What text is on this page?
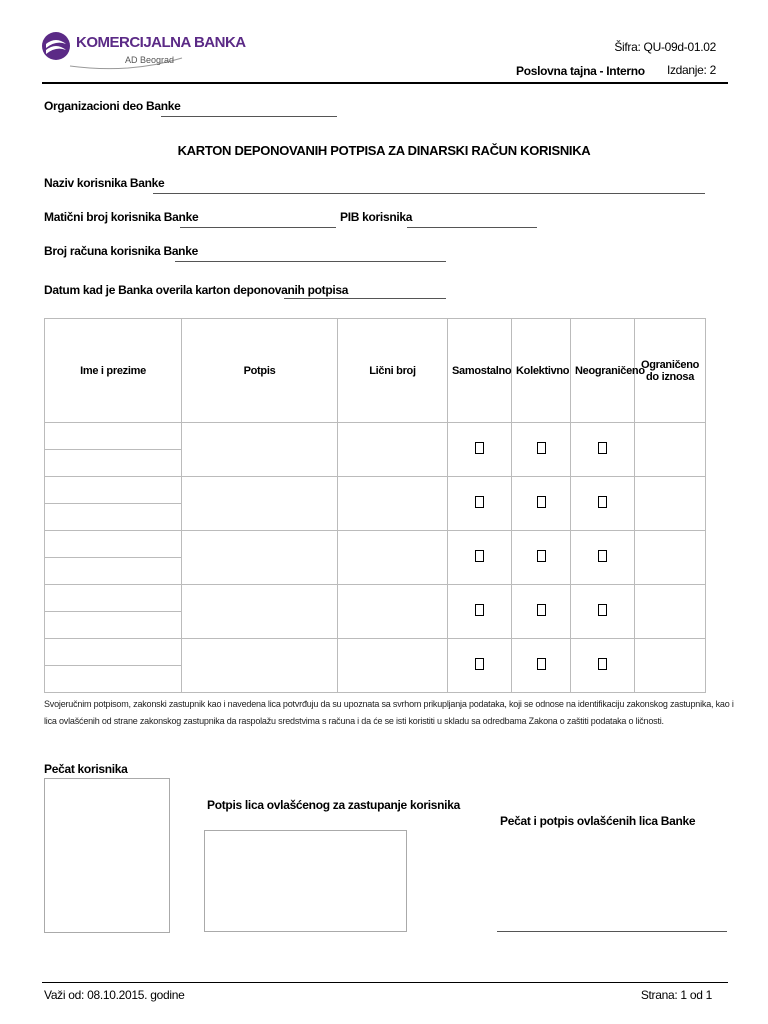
KOMERCIJALNA BANKA
AD Beograd
Šifra: QU-09d-01.02
Poslovna tajna - Interno Izdanje: 2
Organizacioni deo Banke
KARTON DEPONOVANIH POTPISA ZA DINARSKI RAČUN KORISNIKA
Naziv korisnika Banke
Matični broj korisnika Banke	PIB korisnika
Broj računa korisnika Banke
Datum kad je Banka overila karton deponovanih potpisa
Ime i prezime	Potpis	Lični broj	Samostalno	Kolektivno	Neograničeno	Ograničeno do iznosa

Svojeručnim potpisom, zakonski zastupnik kao i navedena lica potvrđuju da su upoznata sa svrhom prikupljanja podataka, koji se odnose na identifikaciju zakonskog zastupnika, kao i lica ovlašćenih od strane zakonskog zastupnika da raspolažu sredstvima s računa i da će se isti koristiti u skladu sa odredbama Zakona o zaštiti podataka o ličnosti.
Pečat korisnika
Potpis lica ovlašćenog za zastupanje korisnika
Pečat i potpis ovlašćenih lica Banke
Važi od: 08.10.2015. godine	Strana: 1 od 1
